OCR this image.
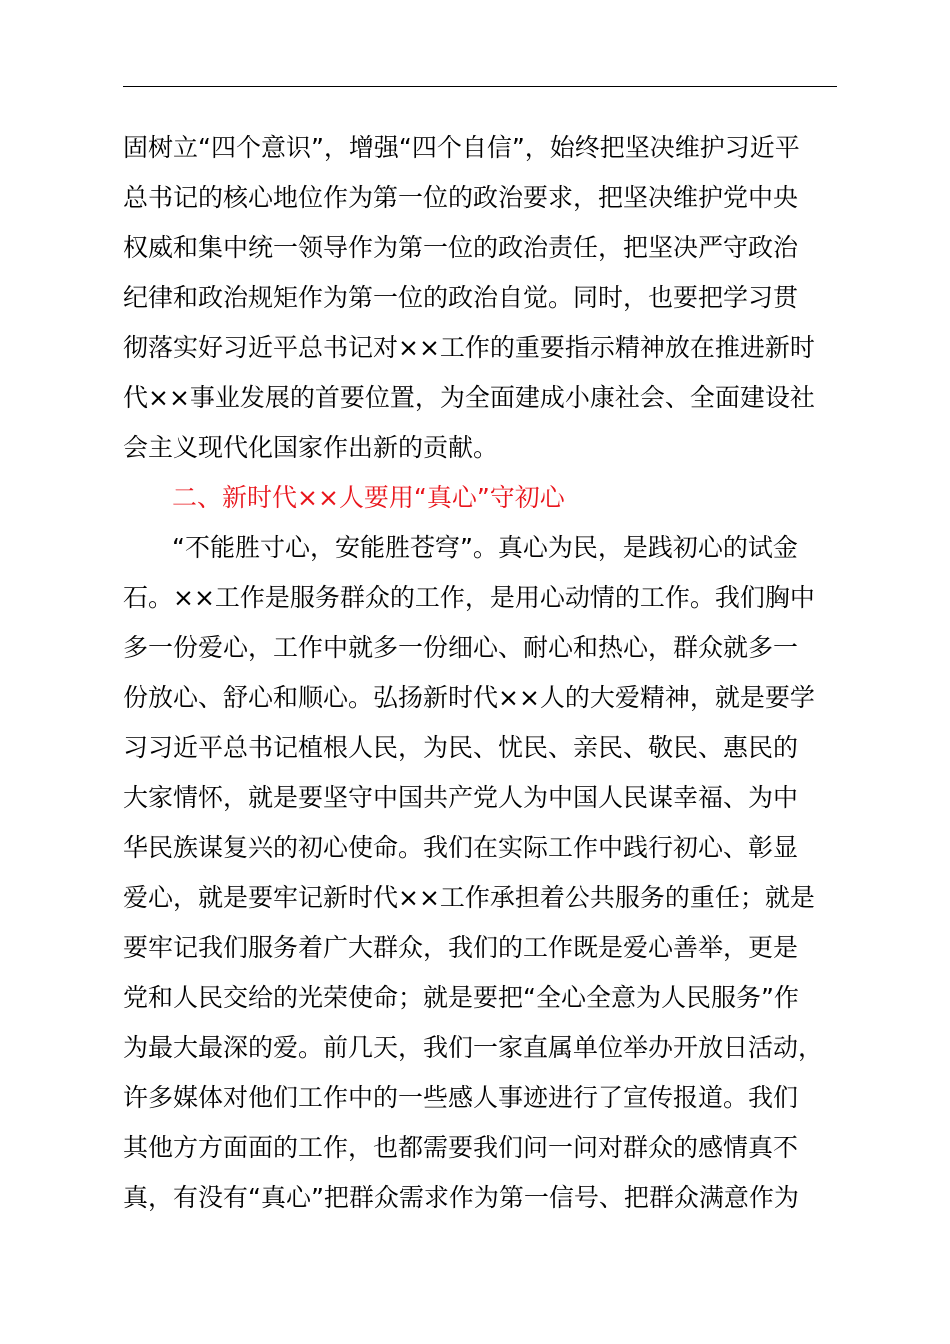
固树立“四个意识”，增强“四个自信”，始终把坚决维护习近平
总书记的核心地位作为第一位的政治要求，把坚决维护党中央
权威和集中统一领导作为第一位的政治责任，把坚决严守政治
纪律和政治规矩作为第一位的政治自觉。同时，也要把学习贯
彻落实好习近平总书记对××工作的重要指示精神放在推进新时
代××事业发展的首要位置，为全面建成小康社会、全面建设社
会主义现代化国家作出新的贡献。
二、新时代××人要用“真心”守初心
“不能胜寸心，安能胜苍穹”。真心为民，是践初心的试金
石。××工作是服务群众的工作，是用心动情的工作。我们胸中
多一份爱心，工作中就多一份细心、耐心和热心，群众就多一
份放心、舒心和顺心。弘扬新时代××人的大爱精神，就是要学
习习近平总书记植根人民，为民、忧民、亲民、敬民、惠民的
大家情怀，就是要坚守中国共产党人为中国人民谋幸福、为中
华民族谋复兴的初心使命。我们在实际工作中践行初心、彰显
爱心，就是要牢记新时代××工作承担着公共服务的重任；就是
要牢记我们服务着广大群众，我们的工作既是爱心善举，更是
党和人民交给的光荣使命；就是要把“全心全意为人民服务”作
为最大最深的爱。前几天，我们一家直属单位举办开放日活动，
许多媒体对他们工作中的一些感人事迹进行了宣传报道。我们
其他方方面面的工作，也都需要我们问一问对群众的感情真不
真，有没有“真心”把群众需求作为第一信号、把群众满意作为
